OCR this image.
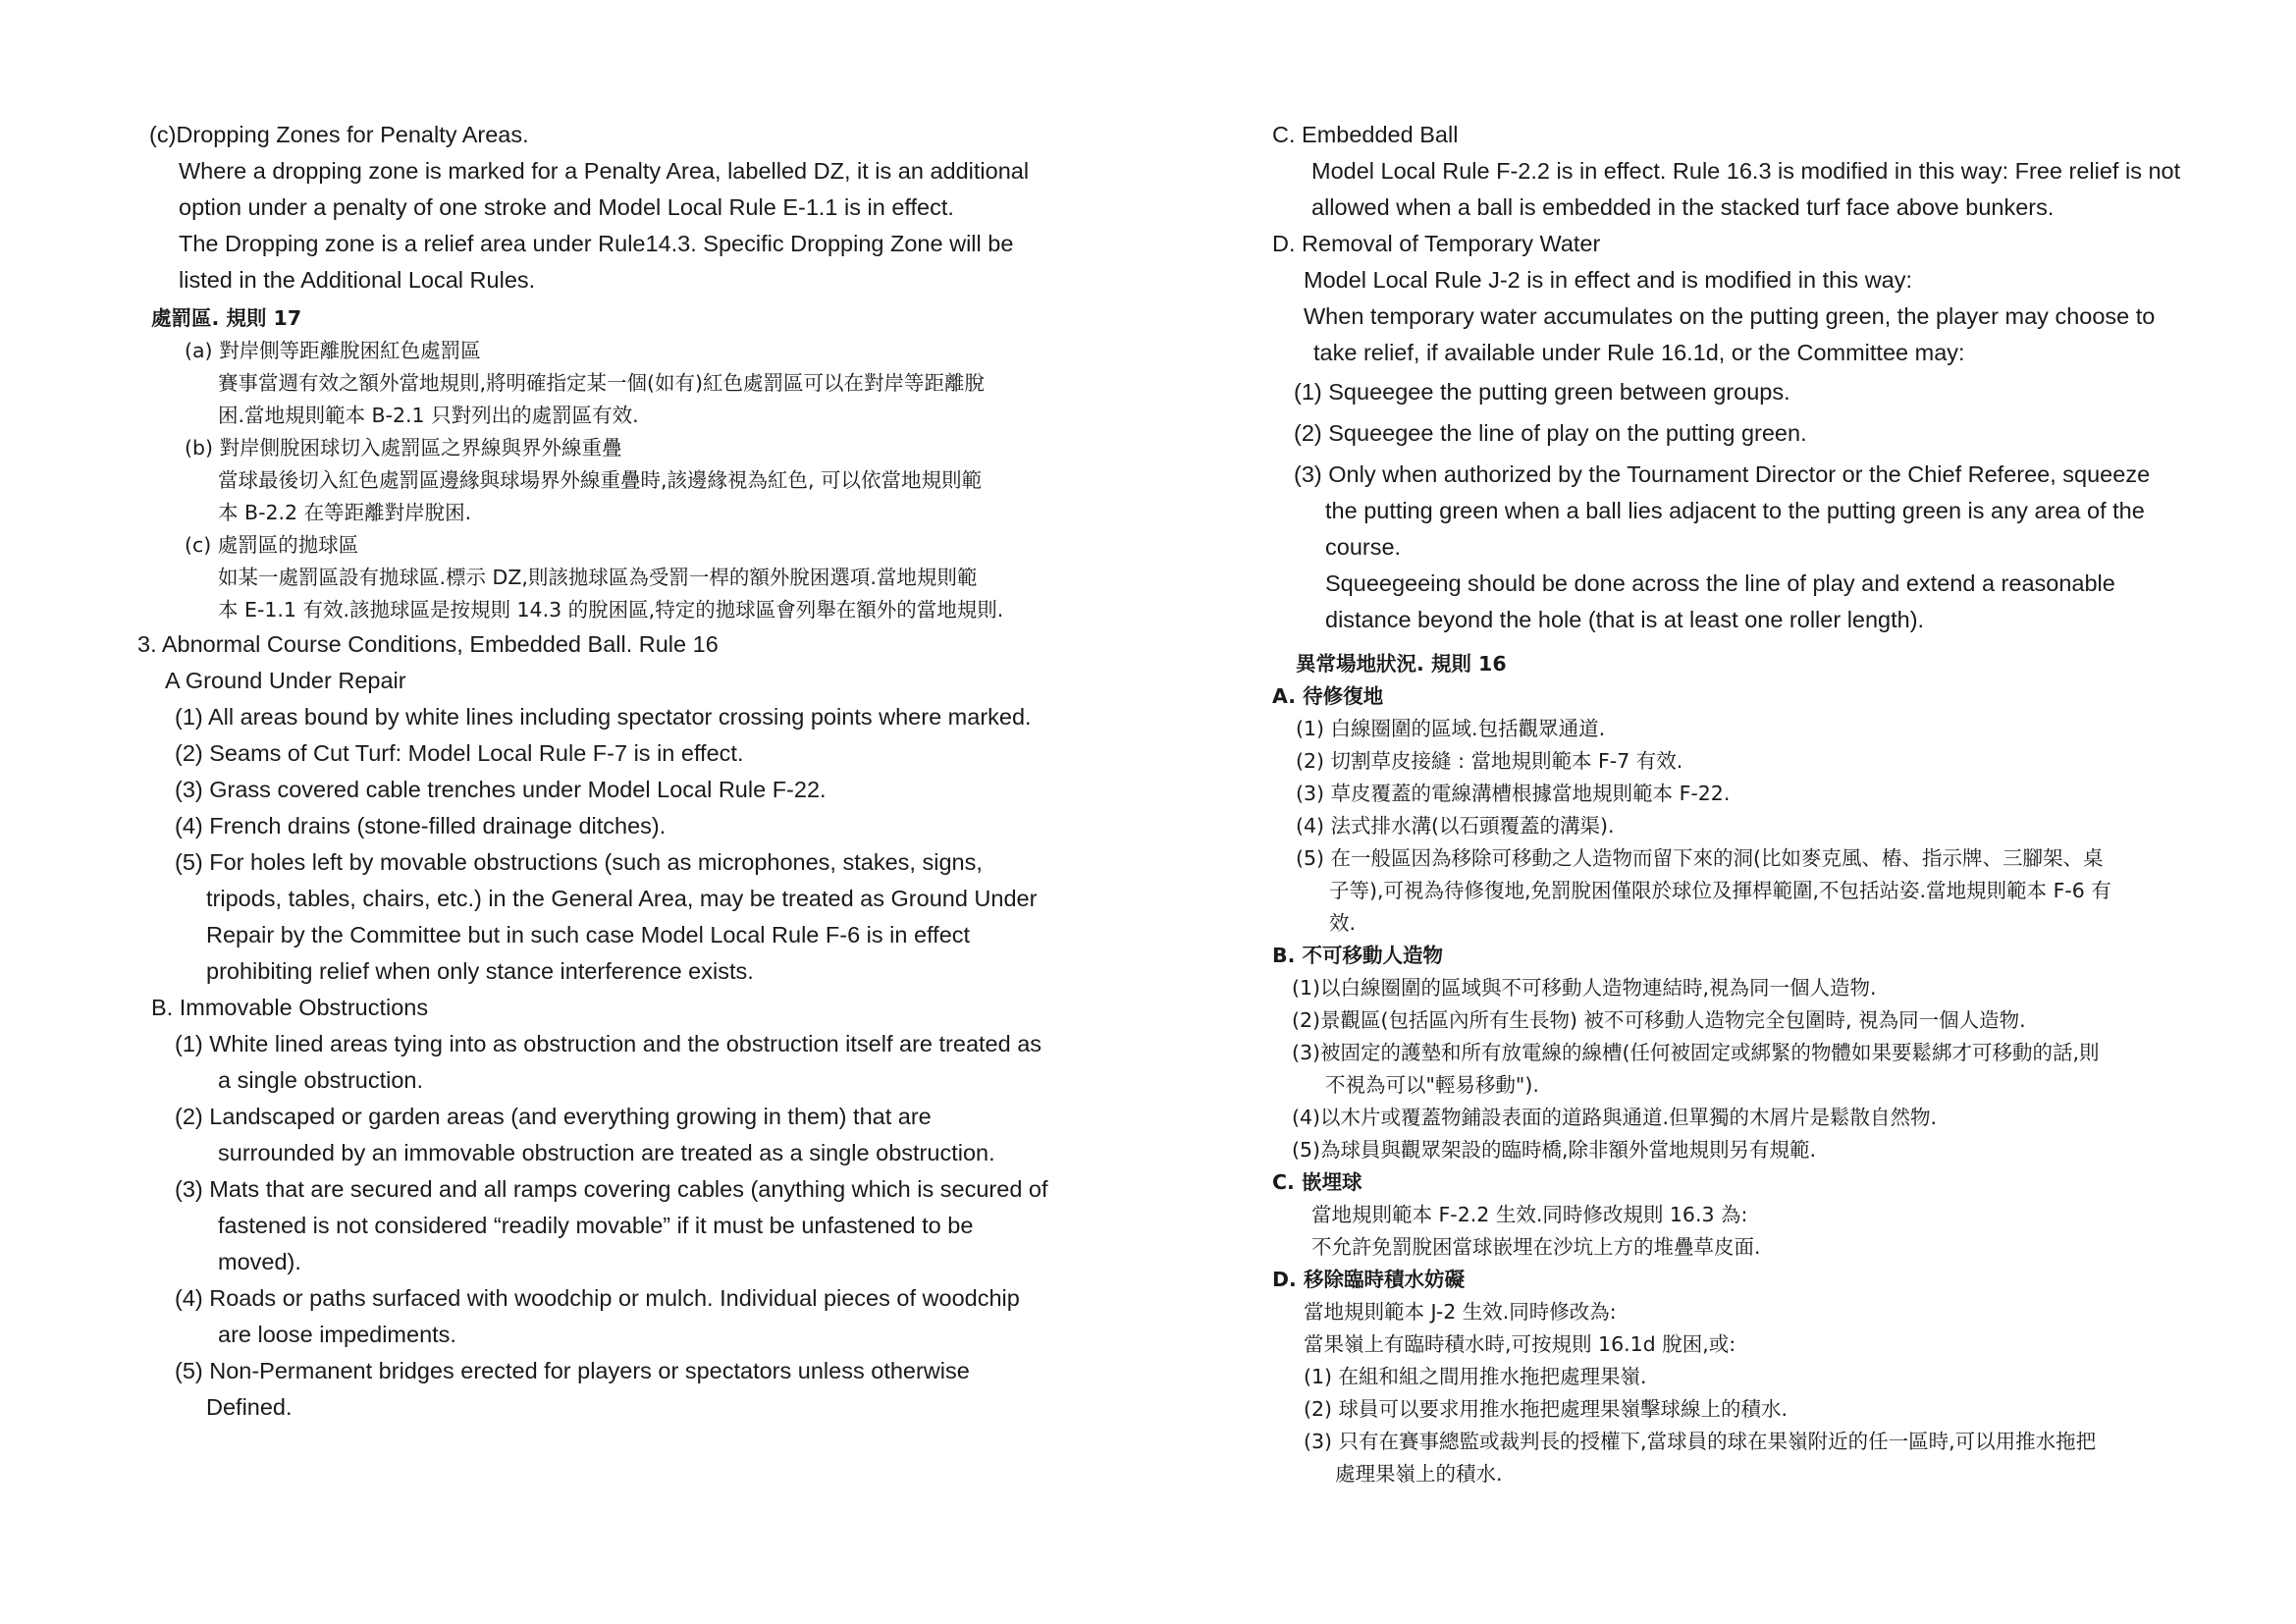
(c)Dropping Zones for Penalty Areas.
Where a dropping zone is marked for a Penalty Area, labelled DZ, it is an additional
option under a penalty of one stroke and Model Local Rule E-1.1 is in effect.
The Dropping zone is a relief area under Rule14.3. Specific Dropping Zone will be
listed in the Additional Local Rules.
處罰區. 規則 17
(a) 對岸側等距離脫困紅色處罰區
賽事當週有效之額外當地規則,將明確指定某一個(如有)紅色處罰區可以在對岸等距離脫
困.當地規則範本 B-2.1 只對列出的處罰區有效.
(b) 對岸側脫困球切入處罰區之界線與界外線重疊
當球最後切入紅色處罰區邊緣與球場界外線重疊時,該邊緣視為紅色, 可以依當地規則範
本 B-2.2 在等距離對岸脫困.
(c) 處罰區的拋球區
如某一處罰區設有拋球區.標示 DZ,則該拋球區為受罰一桿的額外脫困選項.當地規則範
本 E-1.1 有效.該拋球區是按規則 14.3 的脫困區,特定的拋球區會列舉在額外的當地規則.
3. Abnormal Course Conditions, Embedded Ball. Rule 16
A Ground Under Repair
(1) All areas bound by white lines including spectator crossing points where marked.
(2) Seams of Cut Turf: Model Local Rule F-7 is in effect.
(3) Grass covered cable trenches under Model Local Rule F-22.
(4) French drains (stone-filled drainage ditches).
(5) For holes left by movable obstructions (such as microphones, stakes, signs,
tripods, tables, chairs, etc.) in the General Area, may be treated as Ground Under
Repair by the Committee but in such case Model Local Rule F-6 is in effect
prohibiting relief when only stance interference exists.
B. Immovable Obstructions
(1) White lined areas tying into as obstruction and the obstruction itself are treated as
a single obstruction.
(2) Landscaped or garden areas (and everything growing in them) that are
surrounded by an immovable obstruction are treated as a single obstruction.
(3) Mats that are secured and all ramps covering cables (anything which is secured of
fastened is not considered “readily movable” if it must be unfastened to be
moved).
(4) Roads or paths surfaced with woodchip or mulch. Individual pieces of woodchip
are loose impediments.
(5) Non-Permanent bridges erected for players or spectators unless otherwise
Defined.
C. Embedded Ball
Model Local Rule F-2.2 is in effect. Rule 16.3 is modified in this way: Free relief is not
allowed when a ball is embedded in the stacked turf face above bunkers.
D. Removal of Temporary Water
Model Local Rule J-2 is in effect and is modified in this way:
When temporary water accumulates on the putting green, the player may choose to
take relief, if available under Rule 16.1d, or the Committee may:
(1) Squeegee the putting green between groups.
(2) Squeegee the line of play on the putting green.
(3) Only when authorized by the Tournament Director or the Chief Referee, squeeze
the putting green when a ball lies adjacent to the putting green is any area of the
course.
Squeegeeing should be done across the line of play and extend a reasonable
distance beyond the hole (that is at least one roller length).
異常場地狀況. 規則 16
A. 待修復地
(1) 白線圈圍的區域.包括觀眾通道.
(2) 切割草皮接縫 : 當地規則範本 F-7 有效.
(3) 草皮覆蓋的電線溝槽根據當地規則範本 F-22.
(4) 法式排水溝(以石頭覆蓋的溝渠).
(5) 在一般區因為移除可移動之人造物而留下來的洞(比如麥克風、樁、指示牌、三腳架、桌
子等),可視為待修復地,免罰脫困僅限於球位及揮桿範圍,不包括站姿.當地規則範本 F-6 有
效.
B. 不可移動人造物
(1)以白線圈圍的區域與不可移動人造物連結時,視為同一個人造物.
(2)景觀區(包括區內所有生長物) 被不可移動人造物完全包圍時, 視為同一個人造物.
(3)被固定的護墊和所有放電線的線槽(任何被固定或綁緊的物體如果要鬆綁才可移動的話,則
不視為可以"輕易移動").
(4)以木片或覆蓋物鋪設表面的道路與通道.但單獨的木屑片是鬆散自然物.
(5)為球員與觀眾架設的臨時橋,除非額外當地規則另有規範.
C. 嵌埋球
當地規則範本 F-2.2 生效.同時修改規則 16.3 為:
不允許免罰脫困當球嵌埋在沙坑上方的堆疊草皮面.
D. 移除臨時積水妨礙
當地規則範本 J-2 生效.同時修改為:
當果嶺上有臨時積水時,可按規則 16.1d 脫困,或:
(1) 在組和組之間用推水拖把處理果嶺.
(2) 球員可以要求用推水拖把處理果嶺擊球線上的積水.
(3) 只有在賽事總監或裁判長的授權下,當球員的球在果嶺附近的任一區時,可以用推水拖把
處理果嶺上的積水.
